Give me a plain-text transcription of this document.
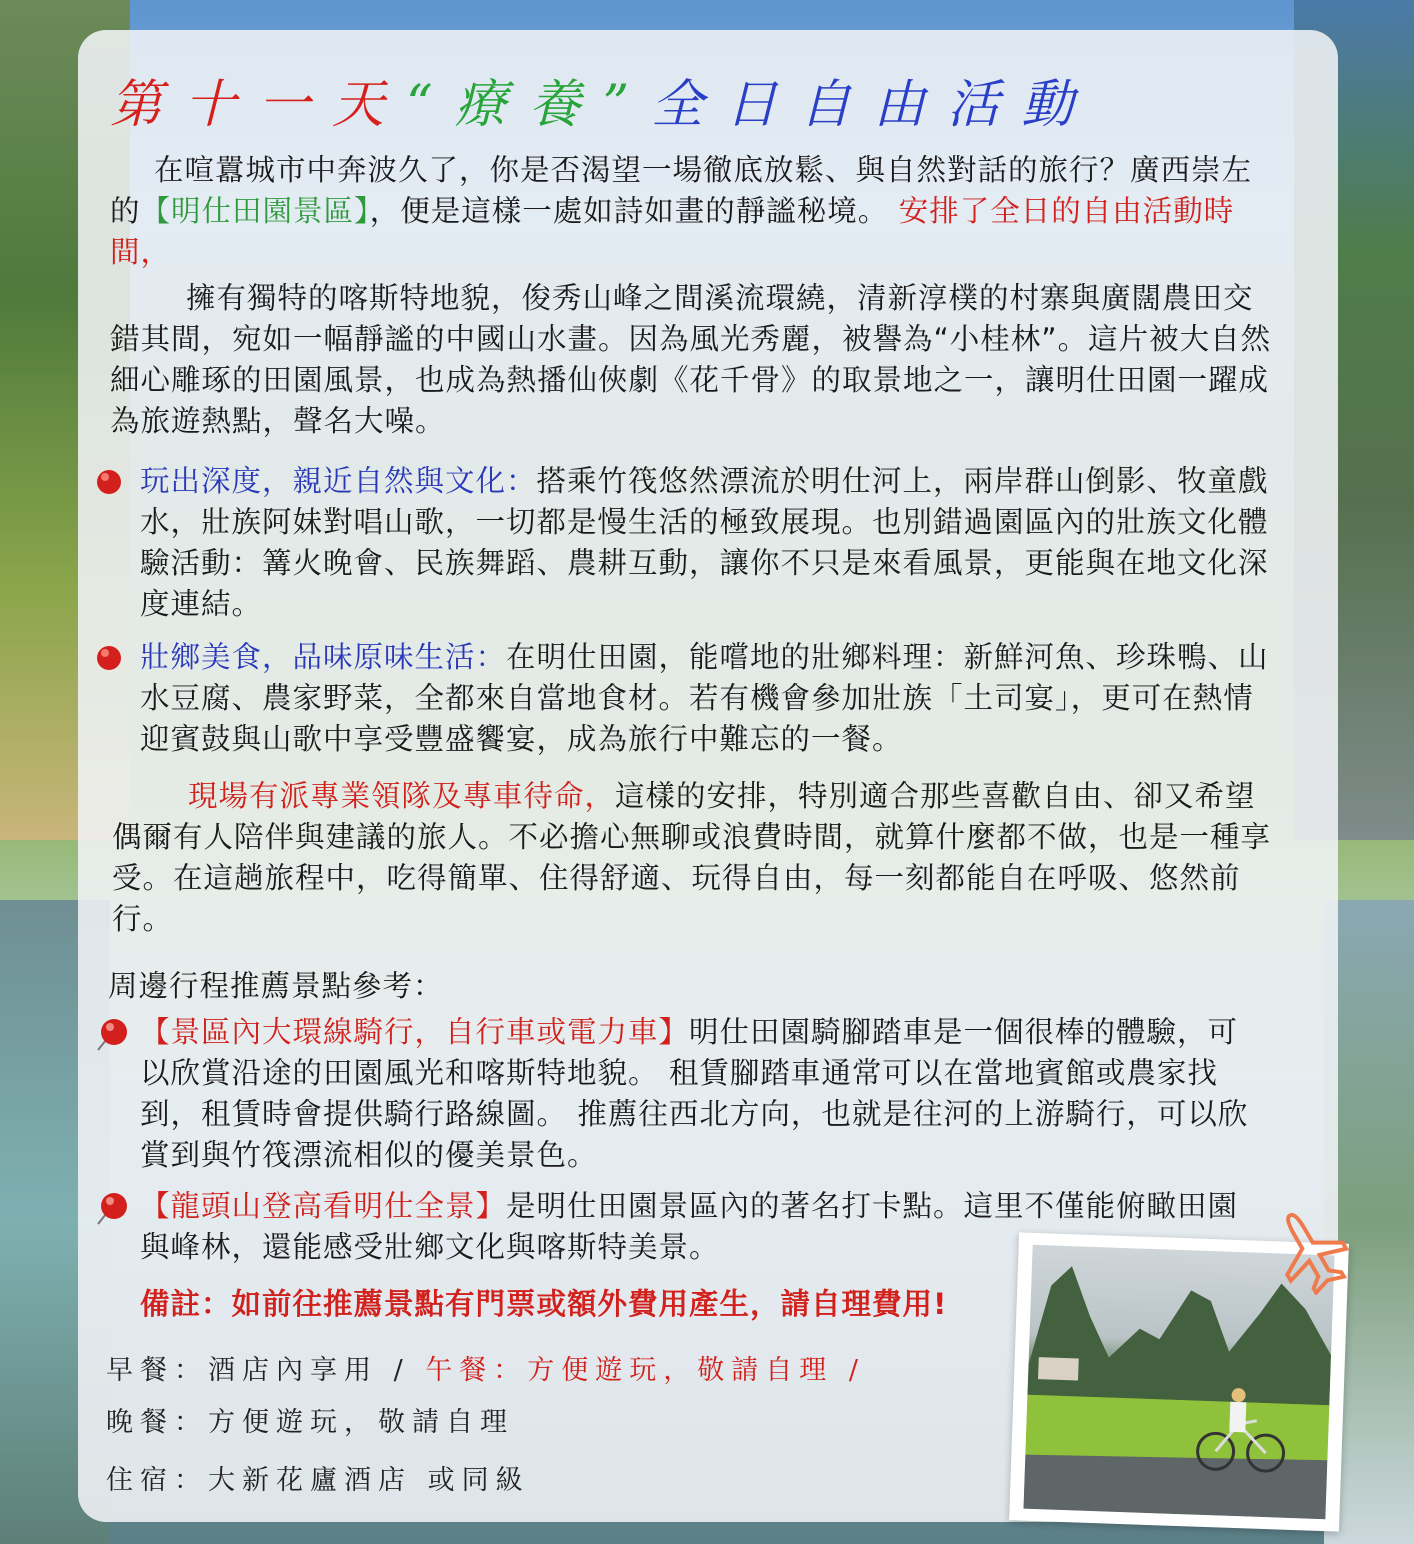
第十一天“療養”全日自由活動
在喧囂城市中奔波久了，你是否渴望一場徹底放鬆、與自然對話的旅行？廣西崇左的【明仕田園景區】，便是這樣一處如詩如畫的靜謐秘境。 安排了全日的自由活動時間，
擁有獨特的喀斯特地貌，俊秀山峰之間溪流環繞，清新淳樸的村寨與廣闊農田交錯其間，宛如一幅靜謐的中國山水畫。因為風光秀麗，被譽為“小桂林”。這片被大自然細心雕琢的田園風景，也成為熱播仙俠劇《花千骨》的取景地之一，讓明仕田園一躍成為旅遊熱點，聲名大噪。
玩出深度，親近自然與文化：搭乘竹筏悠然漂流於明仕河上，兩岸群山倒影、牧童戲水，壯族阿妹對唱山歌，一切都是慢生活的極致展現。也別錯過園區內的壯族文化體驗活動：篝火晚會、民族舞蹈、農耕互動，讓你不只是來看風景，更能與在地文化深度連結。
壯鄉美食，品味原味生活：在明仕田園，能嚐地的壯鄉料理：新鮮河魚、珍珠鴨、山水豆腐、農家野菜，全都來自當地食材。若有機會參加壯族「土司宴」，更可在熱情迎賓鼓與山歌中享受豐盛饗宴，成為旅行中難忘的一餐。
現場有派專業領隊及專車待命，這樣的安排，特別適合那些喜歡自由、卻又希望偶爾有人陪伴與建議的旅人。不必擔心無聊或浪費時間，就算什麼都不做，也是一種享受。在這趟旅程中，吃得簡單、住得舒適、玩得自由，每一刻都能自在呼吸、悠然前行。
周邊行程推薦景點參考：
【景區內大環線騎行，自行車或電力車】明仕田園騎腳踏車是一個很棒的體驗，可以欣賞沿途的田園風光和喀斯特地貌。 租賃腳踏車通常可以在當地賓館或農家找到，租賃時會提供騎行路線圖。 推薦往西北方向，也就是往河的上游騎行，可以欣賞到與竹筏漂流相似的優美景色。
【龍頭山登高看明仕全景】是明仕田園景區內的著名打卡點。這里不僅能俯瞰田園與峰林，還能感受壯鄉文化與喀斯特美景。
備註：如前往推薦景點有門票或額外費用產生，請自理費用!
早餐：酒店內享用 / 午餐：方便遊玩，敬請自理 /
晚餐：方便遊玩，敬請自理
住宿：大新花廬酒店 或同級
